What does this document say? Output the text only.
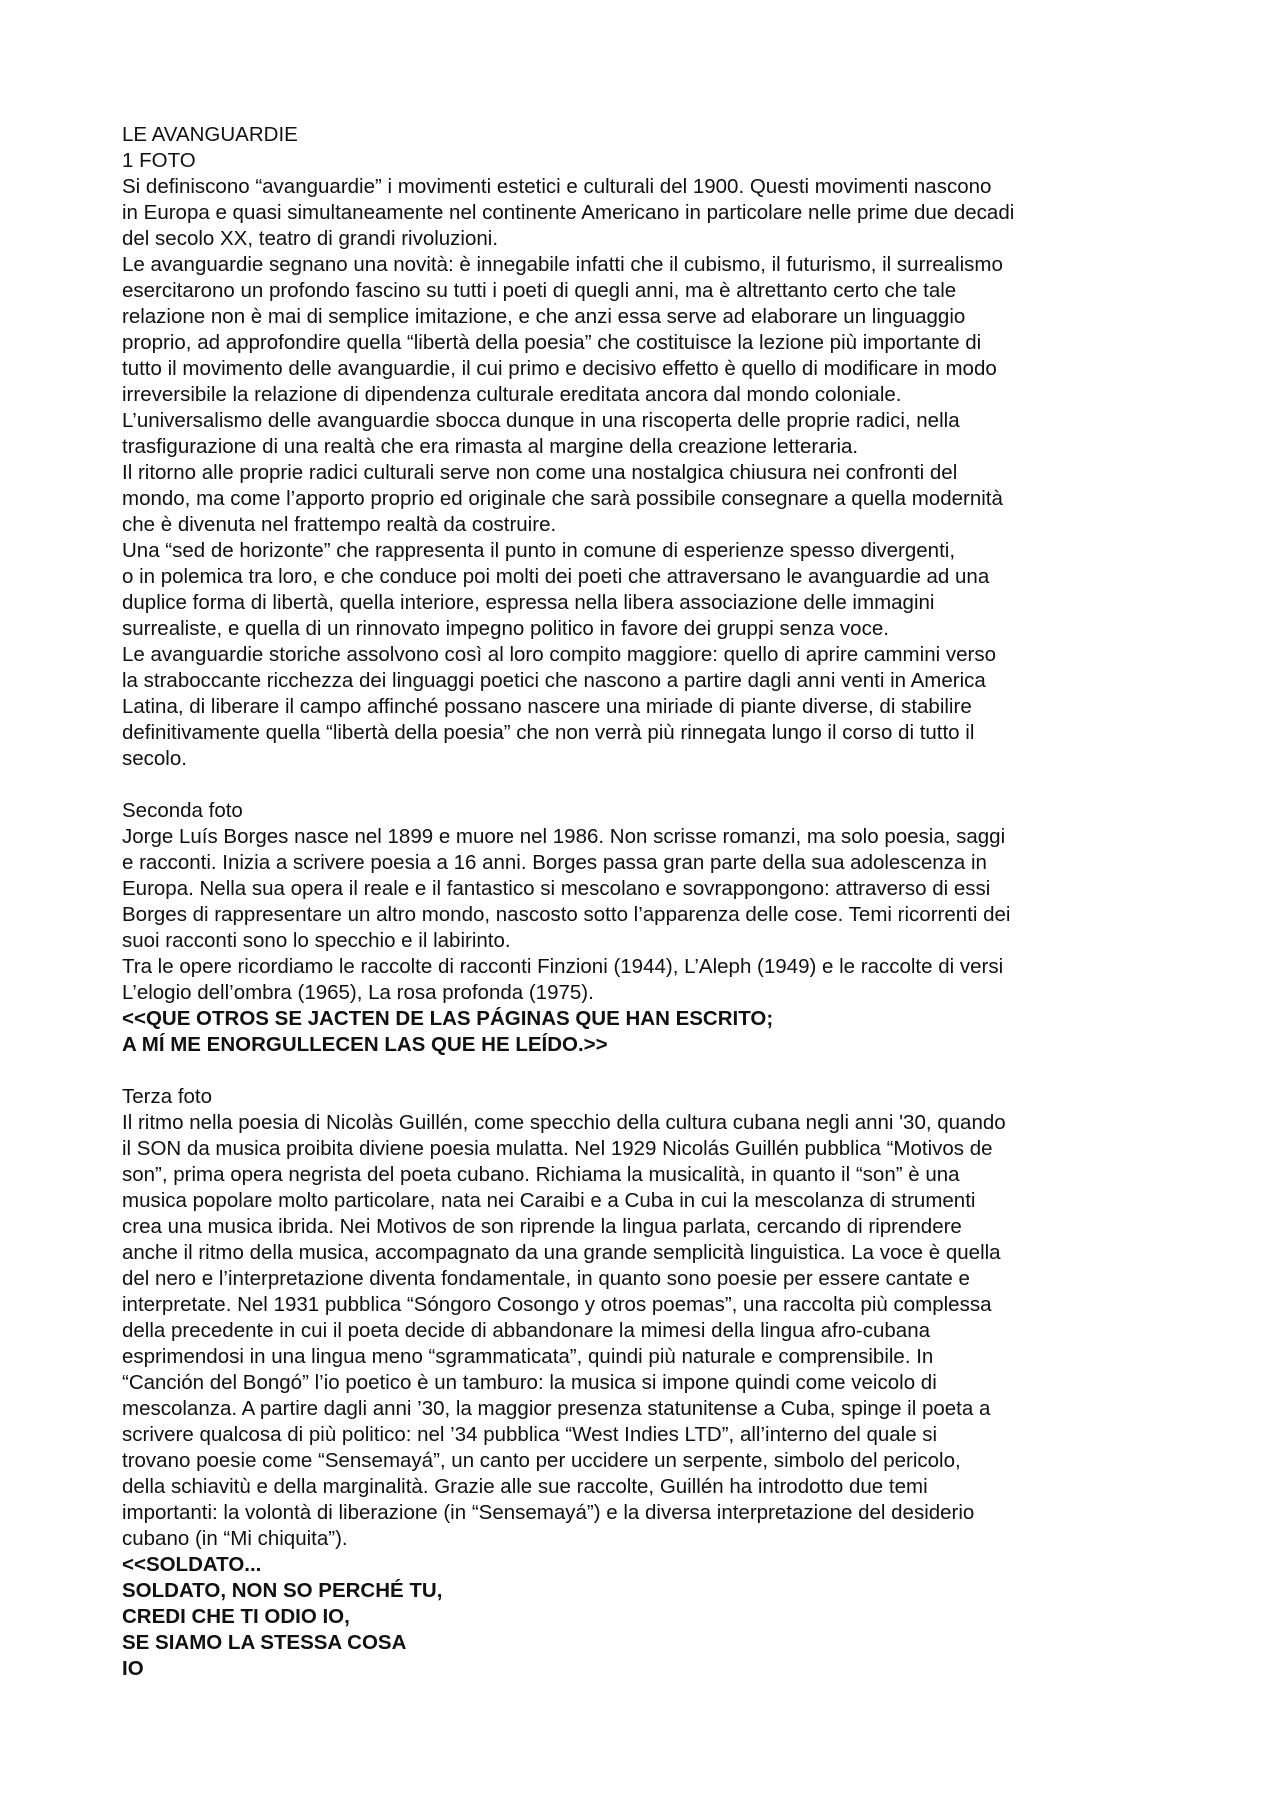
LE AVANGUARDIE
1 FOTO
Si definiscono “avanguardie” i movimenti estetici e culturali del 1900. Questi movimenti nascono
in Europa e quasi simultaneamente nel continente Americano in particolare nelle prime due decadi
del secolo XX, teatro di grandi rivoluzioni.
Le avanguardie segnano una novità: è innegabile infatti che il cubismo, il futurismo, il surrealismo
esercitarono un profondo fascino su tutti i poeti di quegli anni, ma è altrettanto certo che tale
relazione non è mai di semplice imitazione, e che anzi essa serve ad elaborare un linguaggio
proprio, ad approfondire quella “libertà della poesia” che costituisce la lezione più importante di
tutto il movimento delle avanguardie, il cui primo e decisivo effetto è quello di modificare in modo
irreversibile la relazione di dipendenza culturale ereditata ancora dal mondo coloniale.
L’universalismo delle avanguardie sbocca dunque in una riscoperta delle proprie radici, nella
trasfigurazione di una realtà che era rimasta al margine della creazione letteraria.
Il ritorno alle proprie radici culturali serve non come una nostalgica chiusura nei confronti del
mondo, ma come l’apporto proprio ed originale che sarà possibile consegnare a quella modernità
che è divenuta nel frattempo realtà da costruire.
Una “sed de horizonte” che rappresenta il punto in comune di esperienze spesso divergenti,
o in polemica tra loro, e che conduce poi molti dei poeti che attraversano le avanguardie ad una
duplice forma di libertà, quella interiore, espressa nella libera associazione delle immagini
surrealiste, e quella di un rinnovato impegno politico in favore dei gruppi senza voce.
Le avanguardie storiche assolvono così al loro compito maggiore: quello di aprire cammini verso
la straboccante ricchezza dei linguaggi poetici che nascono a partire dagli anni venti in America
Latina, di liberare il campo affinché possano nascere una miriade di piante diverse, di stabilire
definitivamente quella “libertà della poesia” che non verrà più rinnegata lungo il corso di tutto il
secolo.
Seconda foto
Jorge Luís Borges nasce nel 1899 e muore nel 1986. Non scrisse romanzi, ma solo poesia, saggi
e racconti. Inizia a scrivere poesia a 16 anni. Borges passa gran parte della sua adolescenza in
Europa. Nella sua opera il reale e il fantastico si mescolano e sovrappongono: attraverso di essi
Borges di rappresentare un altro mondo, nascosto sotto l’apparenza delle cose. Temi ricorrenti dei
suoi racconti sono lo specchio e il labirinto.
Tra le opere ricordiamo le raccolte di racconti Finzioni (1944), L’Aleph (1949) e le raccolte di versi
L’elogio dell’ombra (1965), La rosa profonda (1975).
<<QUE OTROS SE JACTEN DE LAS PÁGINAS QUE HAN ESCRITO;
A MÍ ME ENORGULLECEN LAS QUE HE LEÍDO.>>
Terza foto
Il ritmo nella poesia di Nicolàs Guillén, come specchio della cultura cubana negli anni '30, quando
il SON da musica proibita diviene poesia mulatta. Nel 1929 Nicolás Guillén pubblica “Motivos de
son”, prima opera negrista del poeta cubano. Richiama la musicalità, in quanto il “son” è una
musica popolare molto particolare, nata nei Caraibi e a Cuba in cui la mescolanza di strumenti
crea una musica ibrida. Nei Motivos de son riprende la lingua parlata, cercando di riprendere
anche il ritmo della musica, accompagnato da una grande semplicità linguistica. La voce è quella
del nero e l’interpretazione diventa fondamentale, in quanto sono poesie per essere cantate e
interpretate. Nel 1931 pubblica “Sóngoro Cosongo y otros poemas”, una raccolta più complessa
della precedente in cui il poeta decide di abbandonare la mimesi della lingua afro-cubana
esprimendosi in una lingua meno “sgrammaticata”, quindi più naturale e comprensibile. In
“Canción del Bongó” l’io poetico è un tamburo: la musica si impone quindi come veicolo di
mescolanza. A partire dagli anni ’30, la maggior presenza statunitense a Cuba, spinge il poeta a
scrivere qualcosa di più politico: nel ’34 pubblica “West Indies LTD”, all’interno del quale si
trovano poesie come “Sensemayá”, un canto per uccidere un serpente, simbolo del pericolo,
della schiavitù e della marginalità. Grazie alle sue raccolte, Guillén ha introdotto due temi
importanti: la volontà di liberazione (in “Sensemayá”) e la diversa interpretazione del desiderio
cubano (in “Mi chiquita”).
<<SOLDATO...
SOLDATO, NON SO PERCHÉ TU,
CREDI CHE TI ODIO IO,
SE SIAMO LA STESSA COSA
IO
